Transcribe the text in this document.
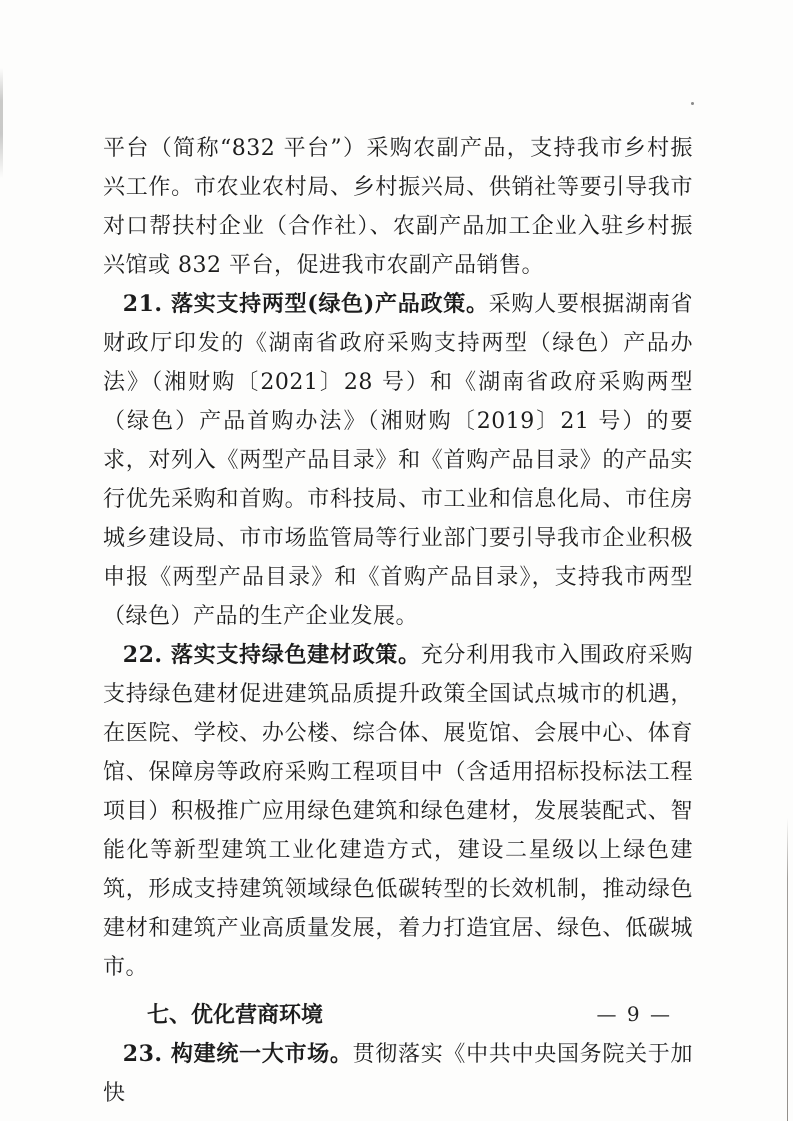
平台（简称“832 平台”）采购农副产品，支持我市乡村振兴工作。市农业农村局、乡村振兴局、供销社等要引导我市对口帮扶村企业（合作社）、农副产品加工企业入驻乡村振兴馆或 832 平台，促进我市农副产品销售。

21. 落实支持两型(绿色)产品政策。采购人要根据湖南省财政厅印发的《湖南省政府采购支持两型（绿色）产品办法》（湘财购〔2021〕28 号）和《湖南省政府采购两型（绿色）产品首购办法》（湘财购〔2019〕21 号）的要求，对列入《两型产品目录》和《首购产品目录》的产品实行优先采购和首购。市科技局、市工业和信息化局、市住房城乡建设局、市市场监管局等行业部门要引导我市企业积极申报《两型产品目录》和《首购产品目录》，支持我市两型（绿色）产品的生产企业发展。

22. 落实支持绿色建材政策。充分利用我市入围政府采购支持绿色建材促进建筑品质提升政策全国试点城市的机遇，在医院、学校、办公楼、综合体、展览馆、会展中心、体育馆、保障房等政府采购工程项目中（含适用招标投标法工程项目）积极推广应用绿色建筑和绿色建材，发展装配式、智能化等新型建筑工业化建造方式，建设二星级以上绿色建筑，形成支持建筑领域绿色低碳转型的长效机制，推动绿色建材和建筑产业高质量发展，着力打造宜居、绿色、低碳城市。

七、优化营商环境

23. 构建统一大市场。贯彻落实《中共中央国务院关于加快

— 9 —
